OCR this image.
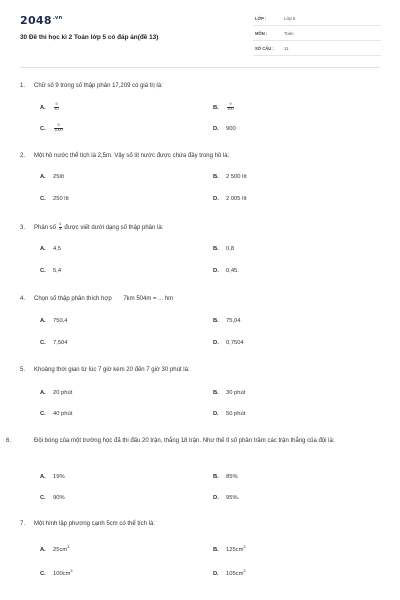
$2048^{.vn}$
30 Đề thi học kì 2 Toán lớp 5 có đáp án(đề 13)
LỚP :	Lớp 5
MÔN :	Toán
SỐ CÂU : 11
1. Chữ số 9 trong số thập phân 17,209 có giá trị là:
A. $\frac{9}{10}$	B. $\frac{9}{100}$
C. $\frac{9}{1000}$	D. 900
2. Một hồ nước thể tích là 2,5m. Vậy số lít nước được chứa đầy trong hồ là:
A. 25lít	B. 2 500 lít
C. 250 lít	D. 2 005 lít
3. Phân số $\frac{4}{5}$ được viết dưới dạng số thập phân là:
A. 4,5	B. 0,8
C. 5,4	D. 0,45.
4. Chọn số thập phân thích hợp       7km 504m = ... hm
A. 750,4	B. 75,04
C. 7,504	D. 0,7504
5. Khoảng thời gian từ lúc 7 giờ kém 20 đến 7 giờ 30 phút là:
A. 20 phút	B. 30 phút
C. 40 phút	D. 50 phút
6.	Đội bóng của một trường học đã thi đấu 20 trận, thắng 18 trận. Như thế tỉ số phần trăm các trận thắng của đội là:
A. 19%	B. 85%
C. 90%	D. 95%.
7. Một hình lập phương cạnh 5cm có thể tích là:
A. $25cm^3$	B. $125cm^3$
C. $100cm^3$	D. $105cm^3$
